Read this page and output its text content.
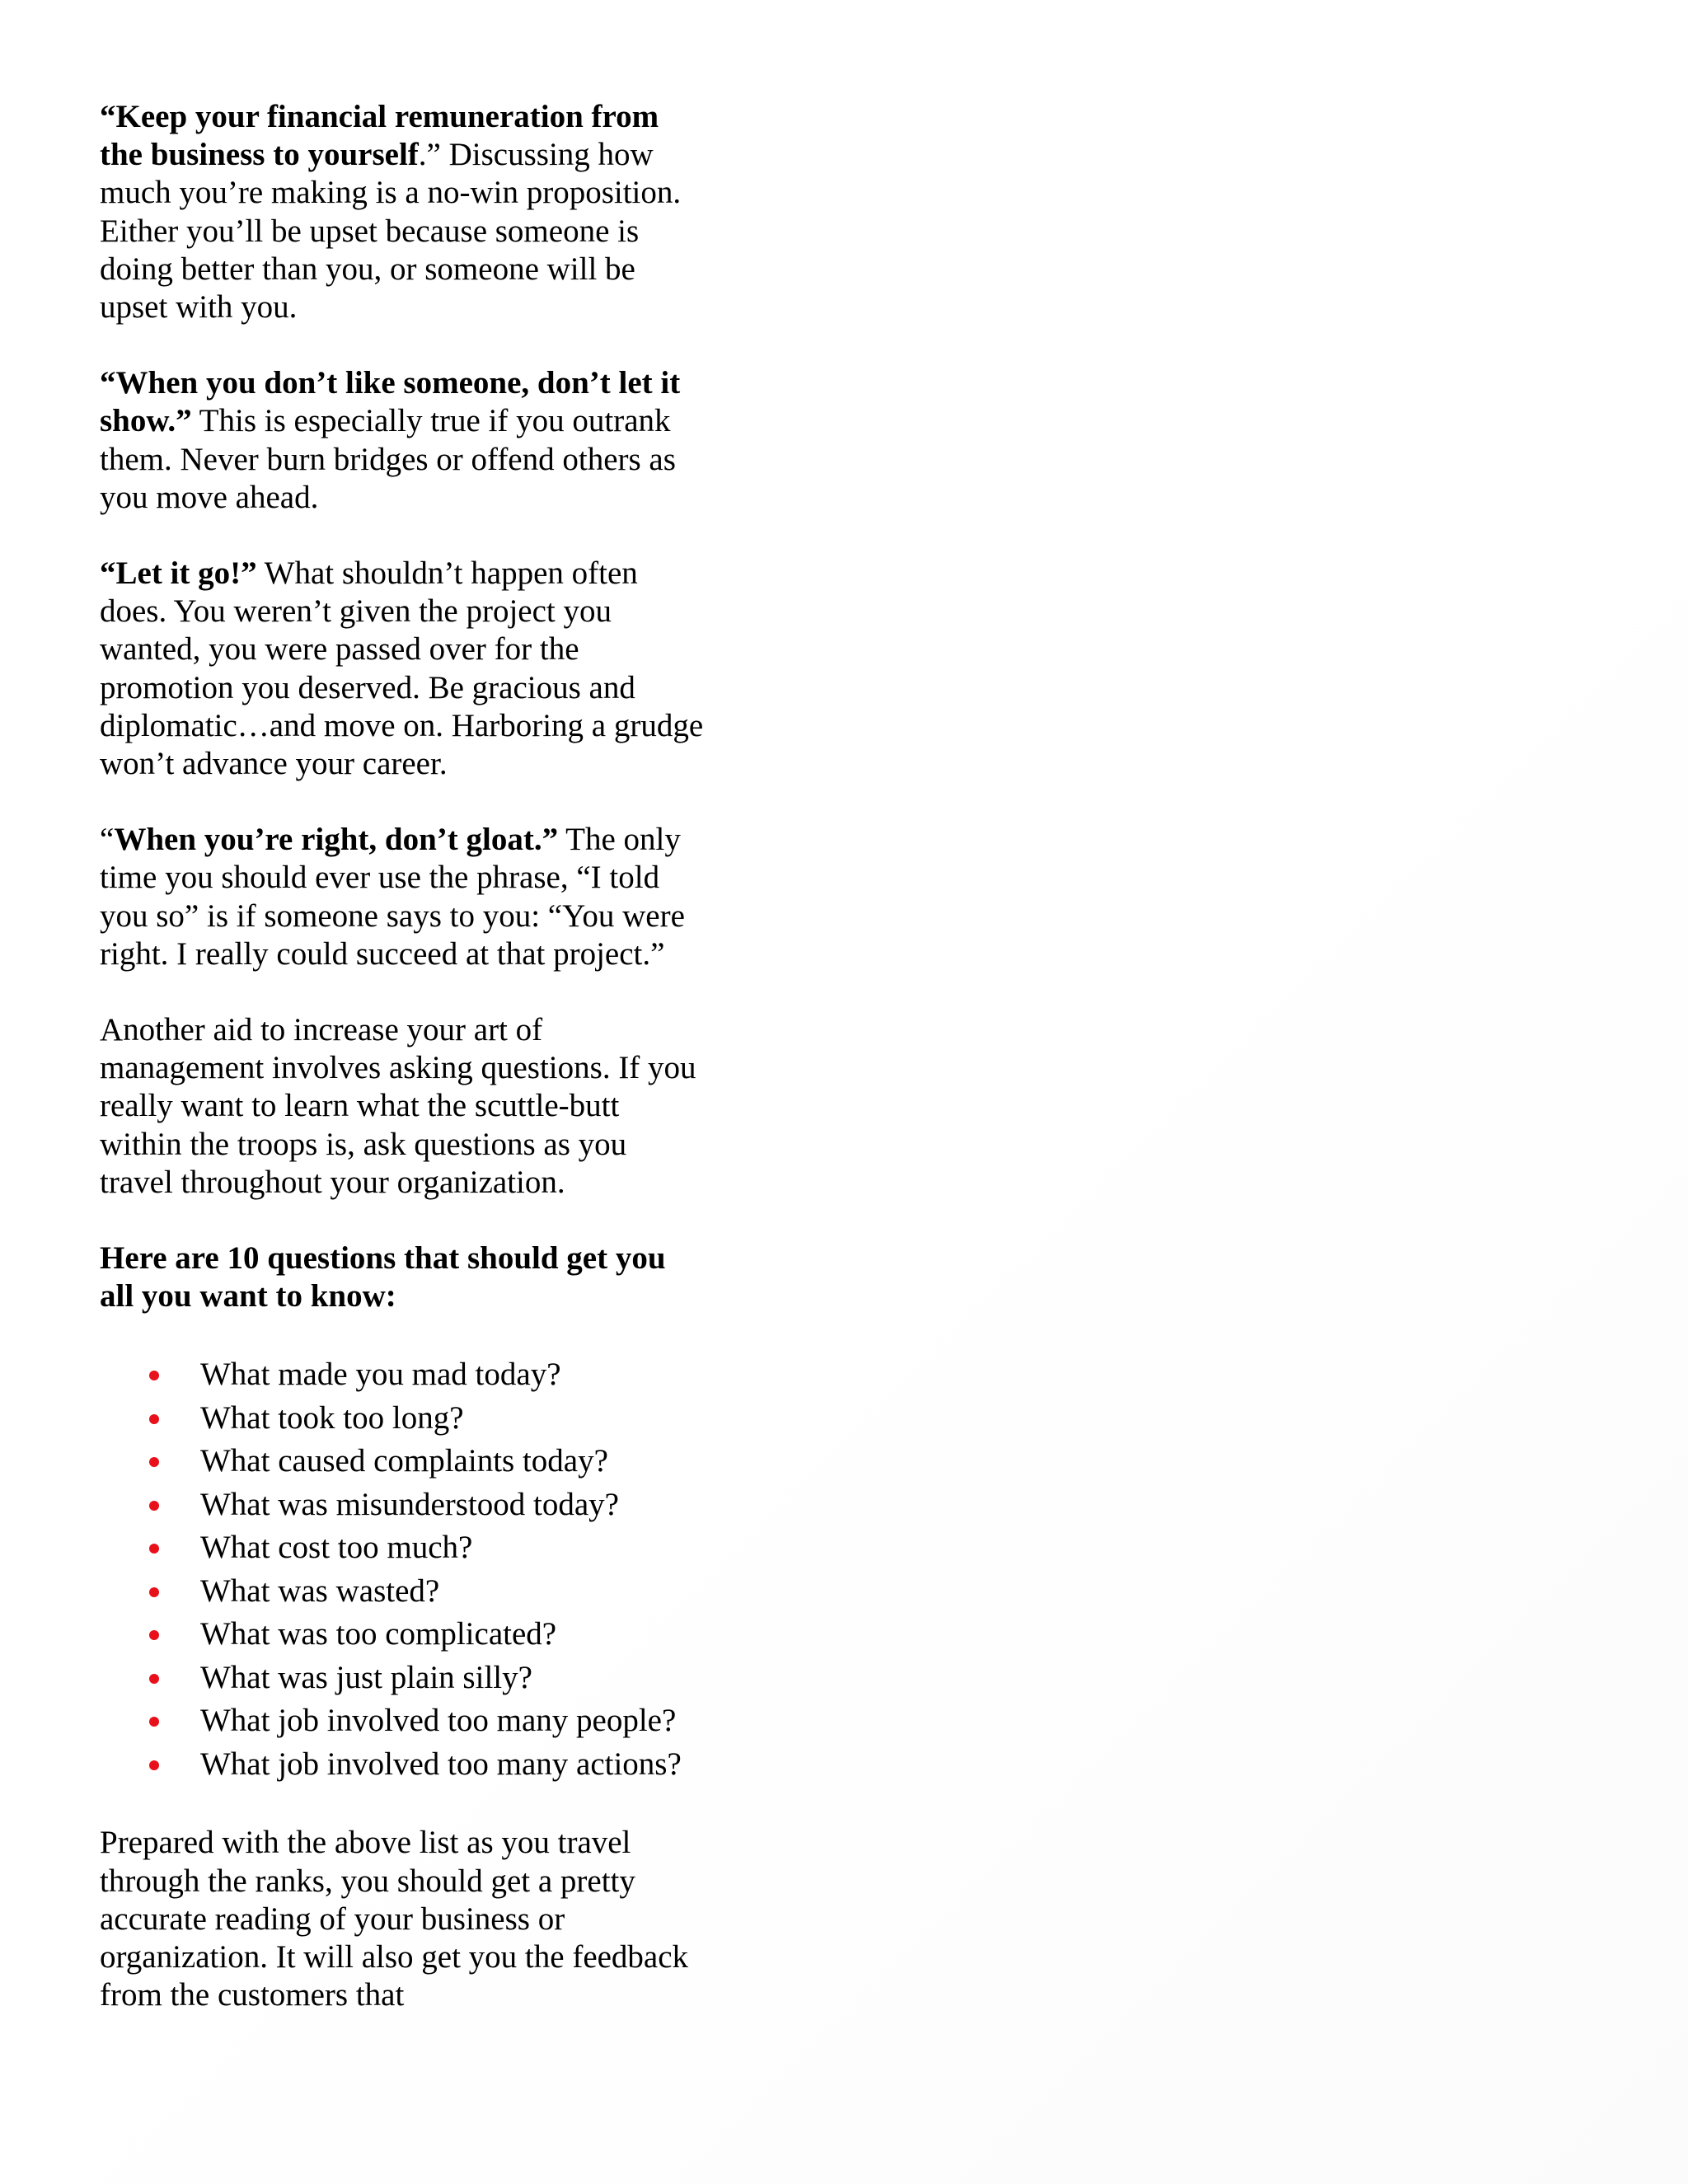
“Keep your financial remuneration from the business to yourself.” Discussing how much you’re making is a no-win proposition. Either you’ll be upset because someone is doing better than you, or someone will be upset with you.

“When you don’t like someone, don’t let it show.” This is especially true if you outrank them. Never burn bridges or offend others as you move ahead.

“Let it go!” What shouldn’t happen often does. You weren’t given the project you wanted, you were passed over for the promotion you deserved. Be gracious and diplomatic…and move on. Harboring a grudge won’t advance your career.

“When you’re right, don’t gloat.” The only time you should ever use the phrase, “I told you so” is if someone says to you: “You were right. I really could succeed at that project.”

Another aid to increase your art of management involves asking questions. If you really want to learn what the scuttle-butt within the troops is, ask questions as you travel throughout your organization.

Here are 10 questions that should get you all you want to know:

What made you mad today?
What took too long?
What caused complaints today?
What was misunderstood today?
What cost too much?
What was wasted?
What was too complicated?
What was just plain silly?
What job involved too many people?
What job involved too many actions?

Prepared with the above list as you travel through the ranks, you should get a pretty accurate reading of your business or organization. It will also get you the feedback from the customers that
